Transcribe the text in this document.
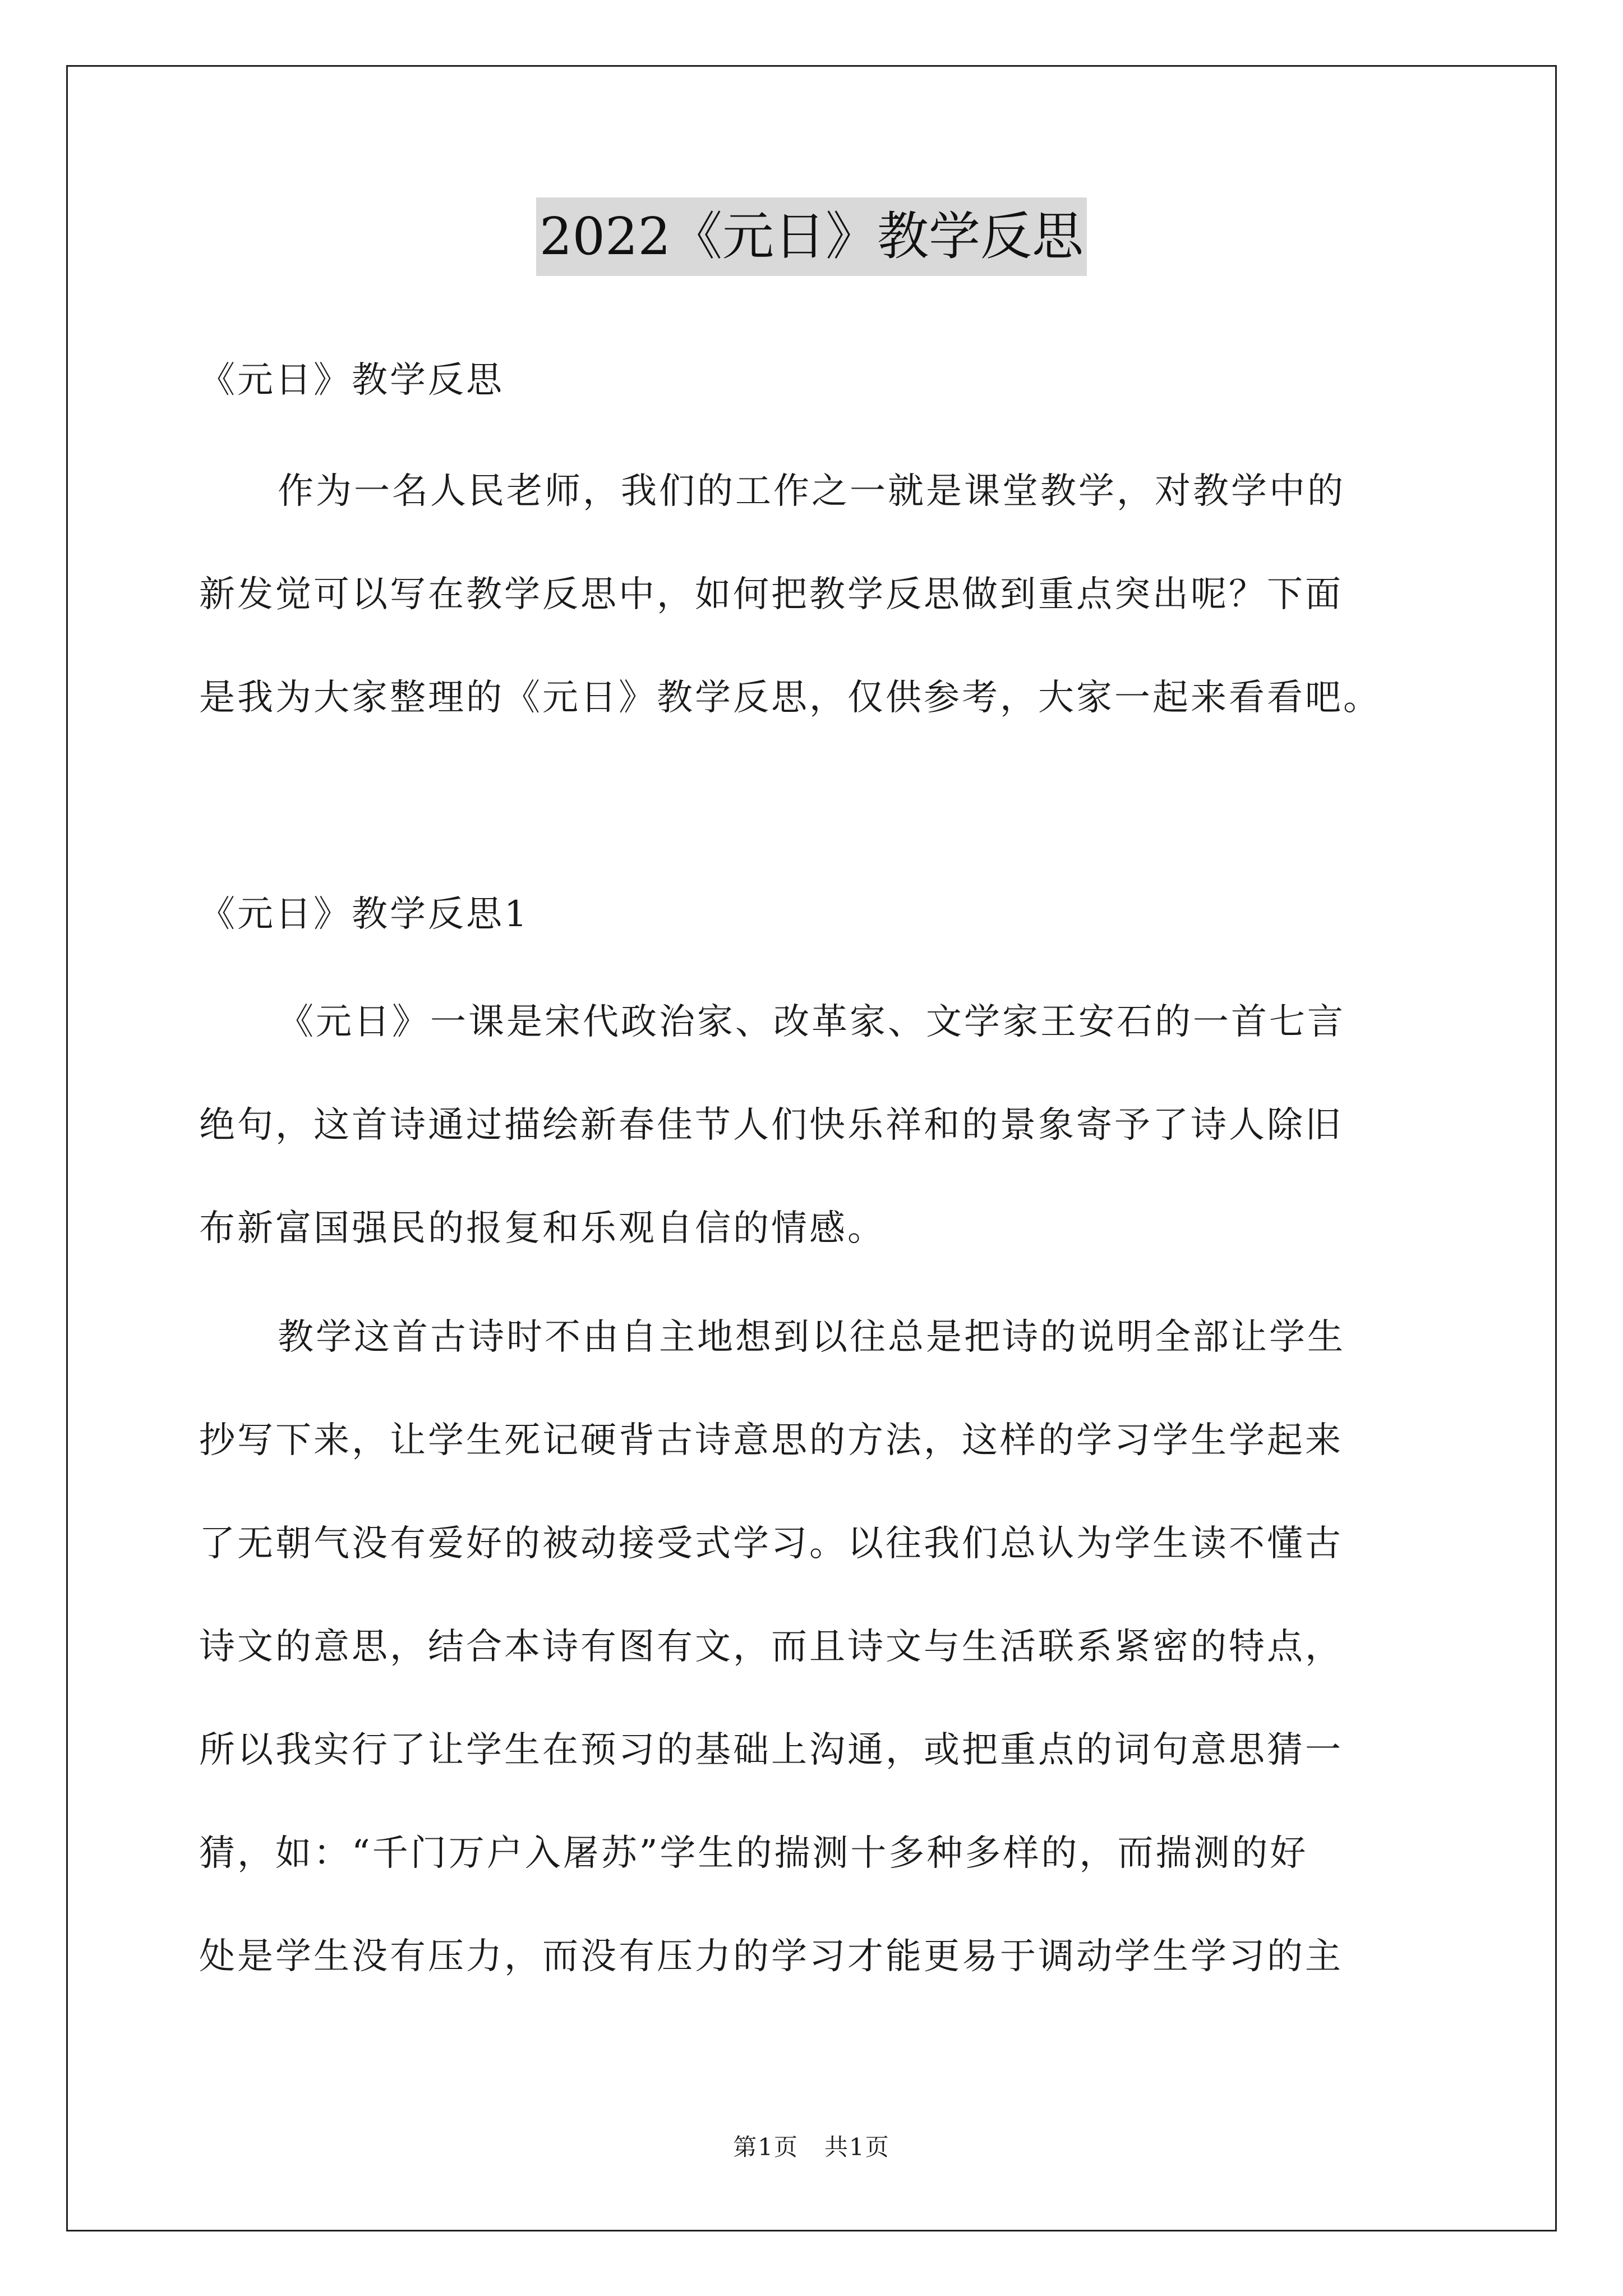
2022《元日》教学反思
《元日》教学反思
作为一名人民老师，我们的工作之一就是课堂教学，对教学中的
新发觉可以写在教学反思中，如何把教学反思做到重点突出呢？下面
是我为大家整理的《元日》教学反思，仅供参考，大家一起来看看吧。
《元日》教学反思1
《元日》一课是宋代政治家、改革家、文学家王安石的一首七言
绝句，这首诗通过描绘新春佳节人们快乐祥和的景象寄予了诗人除旧
布新富国强民的报复和乐观自信的情感。
教学这首古诗时不由自主地想到以往总是把诗的说明全部让学生
抄写下来，让学生死记硬背古诗意思的方法，这样的学习学生学起来
了无朝气没有爱好的被动接受式学习。以往我们总认为学生读不懂古
诗文的意思，结合本诗有图有文，而且诗文与生活联系紧密的特点，
所以我实行了让学生在预习的基础上沟通，或把重点的词句意思猜一
猜，如：“千门万户入屠苏”学生的揣测十多种多样的，而揣测的好
处是学生没有压力，而没有压力的学习才能更易于调动学生学习的主
第1页   共1页
